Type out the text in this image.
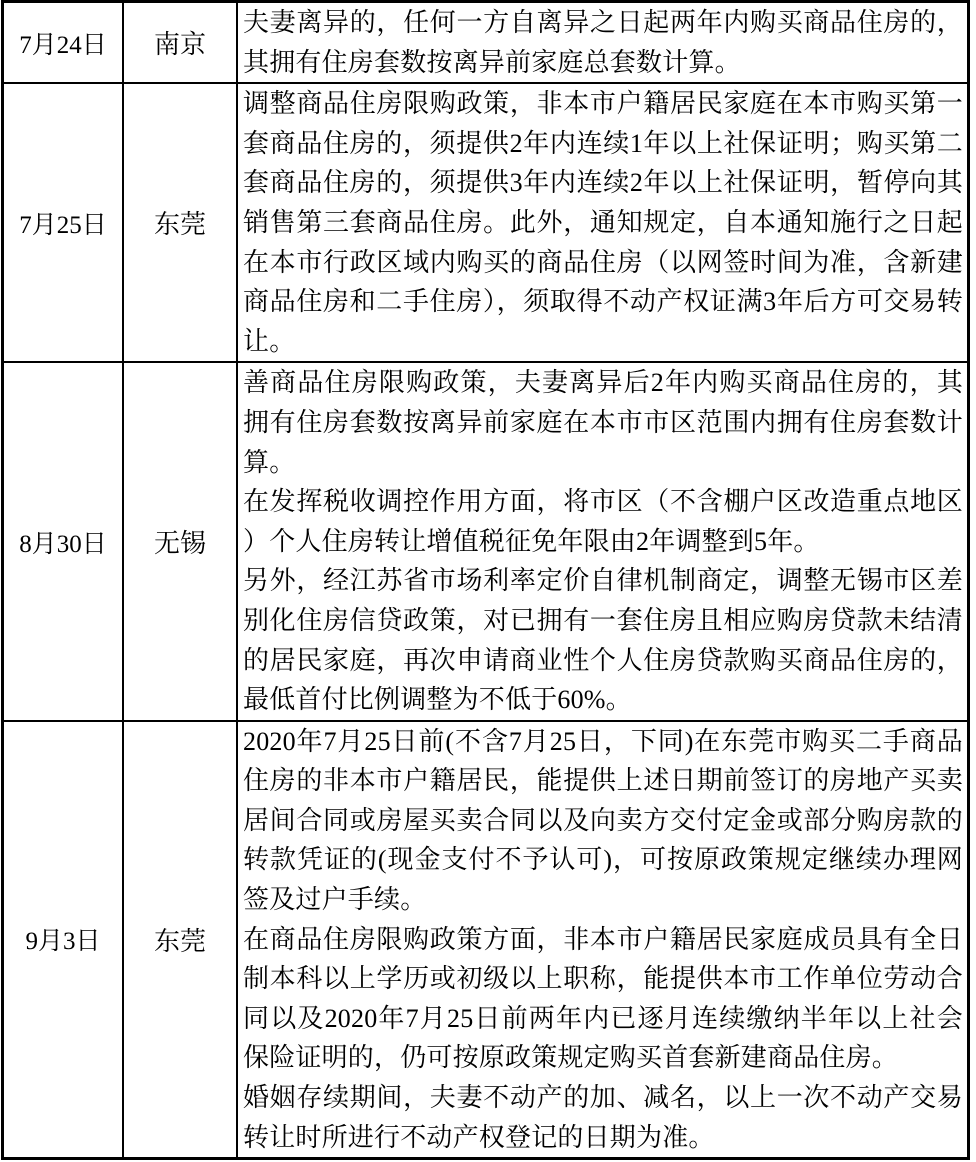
7月24日	南京	夫妻离异的，任何一方自离异之日起两年内购买商品住房的，其拥有住房套数按离异前家庭总套数计算。

7月25日	东莞	调整商品住房限购政策，非本市户籍居民家庭在本市购买第一套商品住房的，须提供2年内连续1年以上社保证明；购买第二套商品住房的，须提供3年内连续2年以上社保证明，暂停向其销售第三套商品住房。此外，通知规定，自本通知施行之日起在本市行政区域内购买的商品住房（以网签时间为准，含新建商品住房和二手住房），须取得不动产权证满3年后方可交易转让。

8月30日	无锡	善商品住房限购政策，夫妻离异后2年内购买商品住房的，其拥有住房套数按离异前家庭在本市市区范围内拥有住房套数计算。
在发挥税收调控作用方面，将市区（不含棚户区改造重点地区）个人住房转让增值税征免年限由2年调整到5年。
另外，经江苏省市场利率定价自律机制商定，调整无锡市区差别化住房信贷政策，对已拥有一套住房且相应购房贷款未结清的居民家庭，再次申请商业性个人住房贷款购买商品住房的，最低首付比例调整为不低于60%。

9月3日	东莞	2020年7月25日前(不含7月25日，下同)在东莞市购买二手商品住房的非本市户籍居民，能提供上述日期前签订的房地产买卖居间合同或房屋买卖合同以及向卖方交付定金或部分购房款的转款凭证的(现金支付不予认可)，可按原政策规定继续办理网签及过户手续。
在商品住房限购政策方面，非本市户籍居民家庭成员具有全日制本科以上学历或初级以上职称，能提供本市工作单位劳动合同以及2020年7月25日前两年内已逐月连续缴纳半年以上社会保险证明的，仍可按原政策规定购买首套新建商品住房。
婚姻存续期间，夫妻不动产的加、减名，以上一次不动产交易转让时所进行不动产权登记的日期为准。
